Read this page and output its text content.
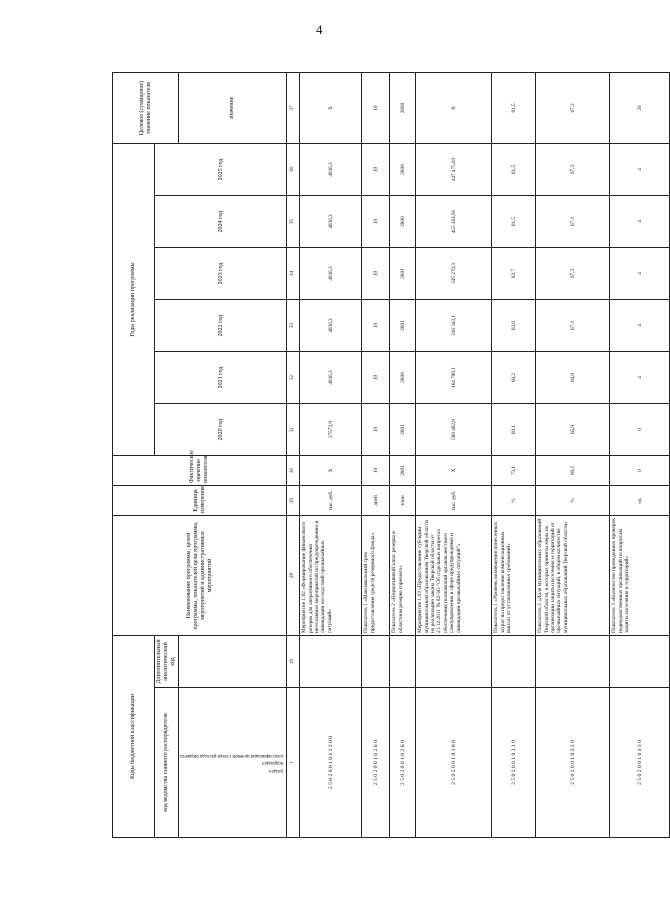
4
Коды бюджетной классификации		Наименование программы, целей программы, показателей цели программы, мероприятий и административных мероприятий	Единица измерения	Фактическое значение показателя	Годы реализации программы						Целевое (суммарное) значение показателя
код ведомства главного распорядителя	Дополнительный аналитический код				2020 год	2021 год	2022 год	2023 год	2024 год	2025 год	
раздел подраздел классификация целевой статьи расхода бюджета											значение
1	19	28	29	30	31	32	33	34	35	36	37
2 5 0 2 0 0 1 0 1 1 2 0 0		Мероприятие 1.02 «Формирование финансового резерва для оперативного обеспечения неотложных мероприятий по предупреждению и ликвидации последствий чрезвычайных ситуаций»	тыс. руб.	Х	27573,9	4836,3	4836,3	4836,3	4836,3	4836,3	Х
2 5 0 2 0 0 1 0 2 Б 0		Показатель 1 «Максимальный срок предоставления средств резервного фонда»	дней	10	10	10	10	10	10	10	10
2 5 0 2 0 0 1 0 2 Б 0		Показатель 2 «Нормативный запас резерва в областном резерве горючего»	тонн	2801	2801	2800	2801	2801	2800	2800	2800
2 5 0 2 0 0 1 0 3 6 0		Мероприятие 1.03 «Предоставление субсидии муниципальным образованиям Тверской области на реализацию закона Тверской области от 21.12.2011 № 82-ЗО "Об отдельных вопросах обеспечения полномочий органов местного самоуправления в сфере предупреждения и ликвидации чрезвычайных ситуаций"»	тыс. руб.	Х	580 482,8	164 790,1	316 343,1	345 270,3	455 364,91	447 475,03	Х
2 5 0 2 0 0 1 0 3 1 0		Показатель 1 «Уровень возмещения понесенных затрат на предоставление компенсационных выплат от установленных требований»	%	73,1	80,1	80,2	83,6	82,7	81,5	81,5	81,5
2 5 0 2 0 0 1 0 3 2 0		Показатель 2 «Доля муниципальных образований Тверской области, в которых приняты меры по организации защиты населения и территорий от чрезвычайных ситуаций, в общем количестве муниципальных образований Тверской области»	%	69,2	65,9	64,9	67,3	67,3	67,3	67,3	67,3
2 5 0 2 0 0 1 0 3 3 0		Показатель 3 «Количество проведенных проверок подведомственных организаций по вопросам защиты населения и территорий»	ед.	0	0	4	4	4	4	4	20
